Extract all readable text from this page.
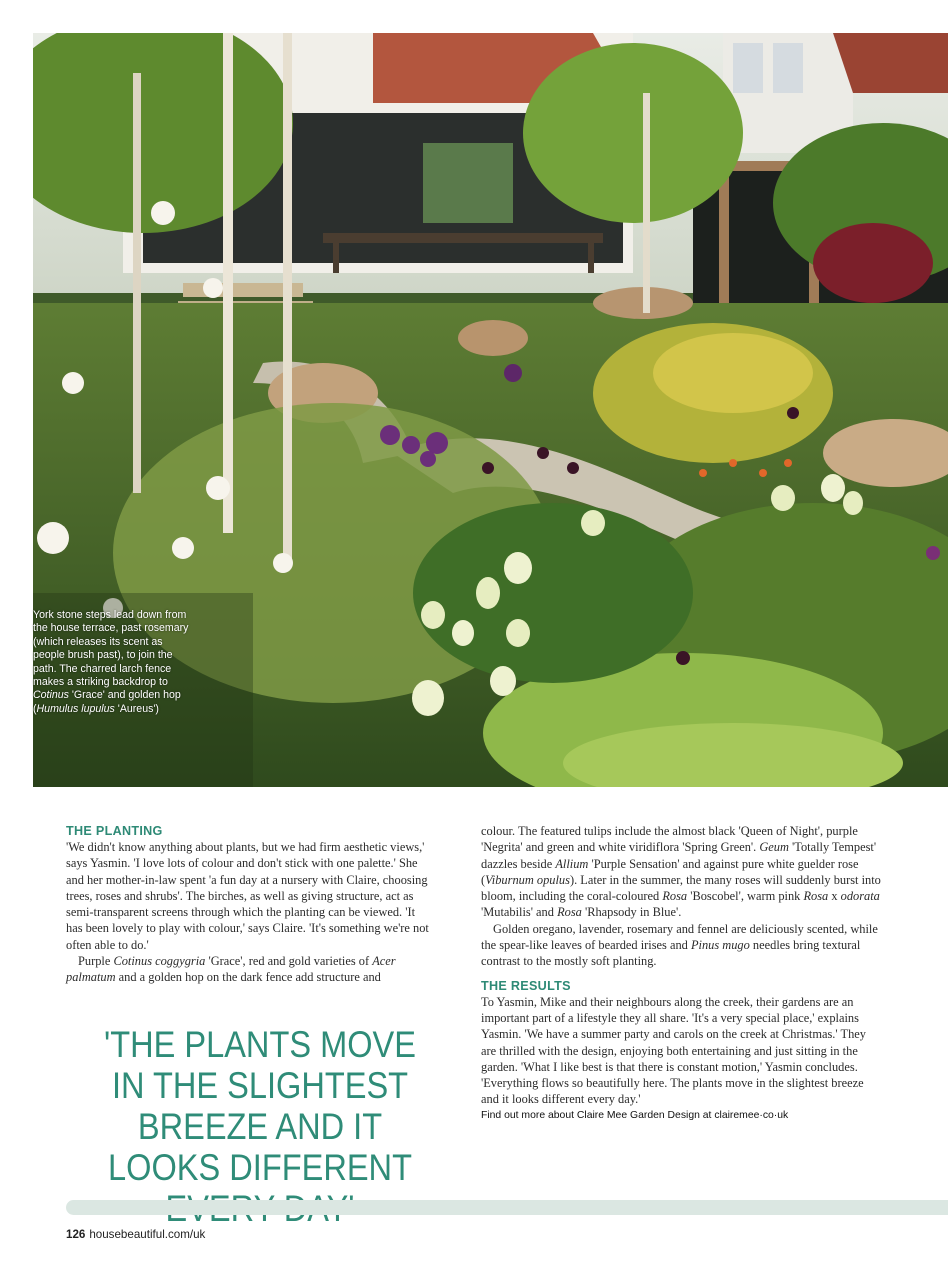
York stone steps lead down from the house terrace, past rosemary (which releases its scent as people brush past), to join the path. The charred larch fence makes a striking backdrop to Cotinus 'Grace' and golden hop (Humulus lupulus 'Aureus')
THE PLANTING

'We didn't know anything about plants, but we had firm aesthetic views,' says Yasmin. 'I love lots of colour and don't stick with one palette.' She and her mother-in-law spent 'a fun day at a nursery with Claire, choosing trees, roses and shrubs'. The birches, as well as giving structure, act as semi-transparent screens through which the planting can be viewed. 'It has been lovely to play with colour,' says Claire. 'It's something we're not often able to do.'

Purple Cotinus coggygria 'Grace', red and gold varieties of Acer palmatum and a golden hop on the dark fence add structure and

'THE PLANTS MOVE IN THE SLIGHTEST BREEZE AND IT LOOKS DIFFERENT

colour. The featured tulips include the almost black 'Queen of Night', purple 'Negrita' and green and white viridiflora 'Spring Green'. Geum 'Totally Tempest' dazzles beside Allium 'Purple Sensation' and against pure white guelder rose (Viburnum opulus). Later in the summer, the many roses will suddenly burst into bloom, including the coral-coloured Rosa 'Boscobel', warm pink Rosa x odorata 'Mutabilis' and Rosa 'Rhapsody in Blue'.

Golden oregano, lavender, rosemary and fennel are deliciously scented, while the spear-like leaves of bearded irises and Pinus mugo needles bring textural contrast to the mostly soft planting.

THE RESULTS

To Yasmin, Mike and their neighbours along the creek, their gardens are an important part of a lifestyle they all share. 'It's a very special place,' explains Yasmin. 'We have a summer party and carols on the creek at Christmas.' They are thrilled with the design, enjoying both entertaining and just sitting in the garden. 'What I like best is that there is constant motion,' Yasmin concludes. 'Everything flows so beautifully here. The plants move in the slightest breeze and it looks different every day.'

Find out more about Claire Mee Garden Design at clairemee·co·uk

126 housebeautiful.com/uk
